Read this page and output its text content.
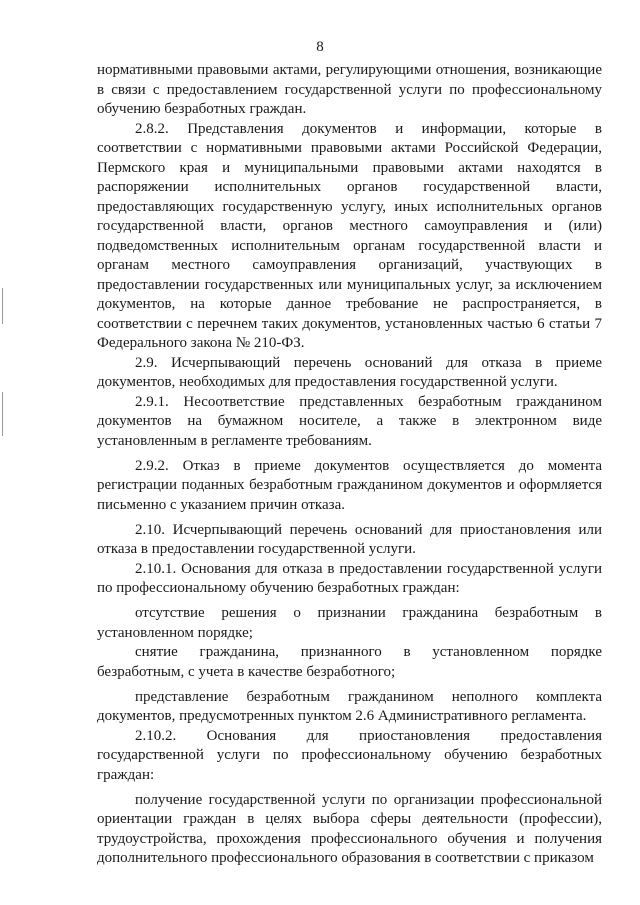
8

нормативными правовыми актами, регулирующими отношения, возникающие в связи с предоставлением государственной услуги по профессиональному обучению безработных граждан.

2.8.2. Представления документов и информации, которые в соответствии с нормативными правовыми актами Российской Федерации, Пермского края и муниципальными правовыми актами находятся в распоряжении исполнительных органов государственной власти, предоставляющих государственную услугу, иных исполнительных органов государственной власти, органов местного самоуправления и (или) подведомственных исполнительным органам государственной власти и органам местного самоуправления организаций, участвующих в предоставлении государственных или муниципальных услуг, за исключением документов, на которые данное требование не распространяется, в соответствии с перечнем таких документов, установленных частью 6 статьи 7 Федерального закона № 210-ФЗ.

2.9. Исчерпывающий перечень оснований для отказа в приеме документов, необходимых для предоставления государственной услуги.

2.9.1. Несоответствие представленных безработным гражданином документов на бумажном носителе, а также в электронном виде установленным в регламенте требованиям.

2.9.2. Отказ в приеме документов осуществляется до момента регистрации поданных безработным гражданином документов и оформляется письменно с указанием причин отказа.

2.10. Исчерпывающий перечень оснований для приостановления или отказа в предоставлении государственной услуги.

2.10.1. Основания для отказа в предоставлении государственной услуги по профессиональному обучению безработных граждан:

отсутствие решения о признании гражданина безработным в установленном порядке;

снятие гражданина, признанного в установленном порядке безработным, с учета в качестве безработного;

представление безработным гражданином неполного комплекта документов, предусмотренных пунктом 2.6 Административного регламента.

2.10.2. Основания для приостановления предоставления государственной услуги по профессиональному обучению безработных граждан:

получение государственной услуги по организации профессиональной ориентации граждан в целях выбора сферы деятельности (профессии), трудоустройства, прохождения профессионального обучения и получения дополнительного профессионального образования в соответствии с приказом
